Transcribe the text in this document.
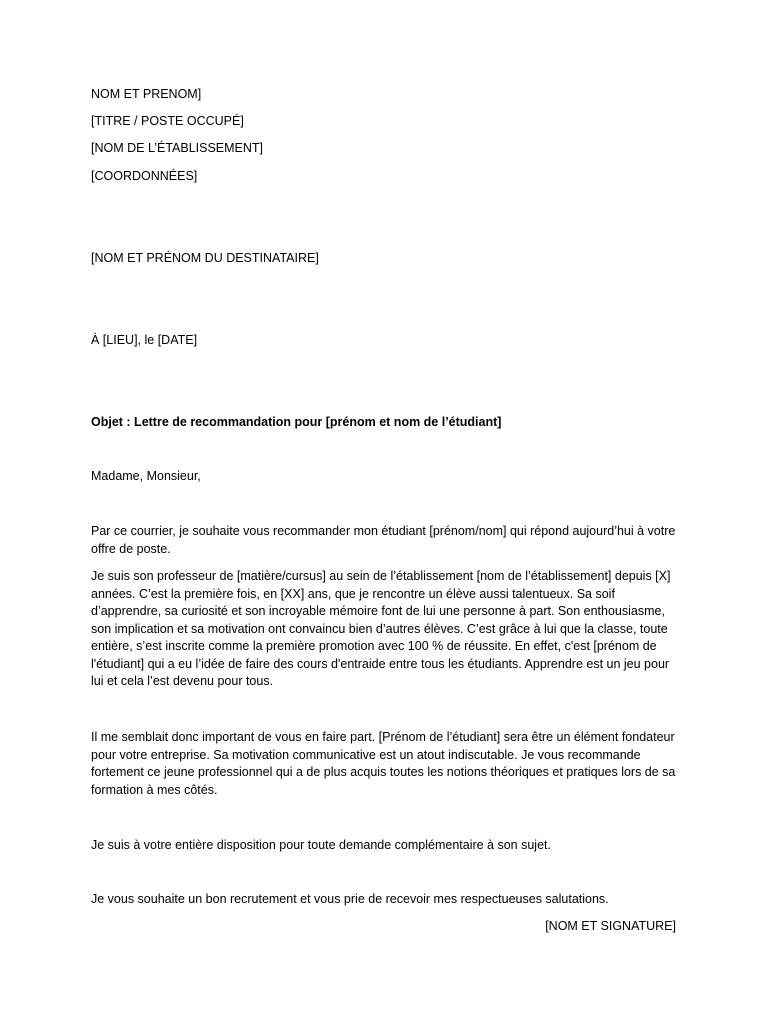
NOM ET PRENOM]
[TITRE / POSTE OCCUPÉ]
[NOM DE L’ÉTABLISSEMENT]
[COORDONNÉES]
[NOM ET PRÉNOM DU DESTINATAIRE]
À [LIEU], le [DATE]
Objet : Lettre de recommandation pour [prénom et nom de l’étudiant]
Madame, Monsieur,
Par ce courrier, je souhaite vous recommander mon étudiant [prénom/nom] qui répond aujourd’hui à votre offre de poste.
Je suis son professeur de [matière/cursus] au sein de l’établissement [nom de l’établissement] depuis [X] années. C’est la première fois, en [XX] ans, que je rencontre un élève aussi talentueux. Sa soif d’apprendre, sa curiosité et son incroyable mémoire font de lui une personne à part. Son enthousiasme, son implication et sa motivation ont convaincu bien d’autres élèves. C’est grâce à lui que la classe, toute entière, s’est inscrite comme la première promotion avec 100 % de réussite. En effet, c'est [prénom de l'étudiant] qui a eu l’idée de faire des cours d'entraide entre tous les étudiants. Apprendre est un jeu pour lui et cela l’est devenu pour tous.
Il me semblait donc important de vous en faire part. [Prénom de l’étudiant] sera être un élément fondateur pour votre entreprise. Sa motivation communicative est un atout indiscutable. Je vous recommande fortement ce jeune professionnel qui a de plus acquis toutes les notions théoriques et pratiques lors de sa formation à mes côtés.
Je suis à votre entière disposition pour toute demande complémentaire à son sujet.
Je vous souhaite un bon recrutement et vous prie de recevoir mes respectueuses salutations.
[NOM ET SIGNATURE]
